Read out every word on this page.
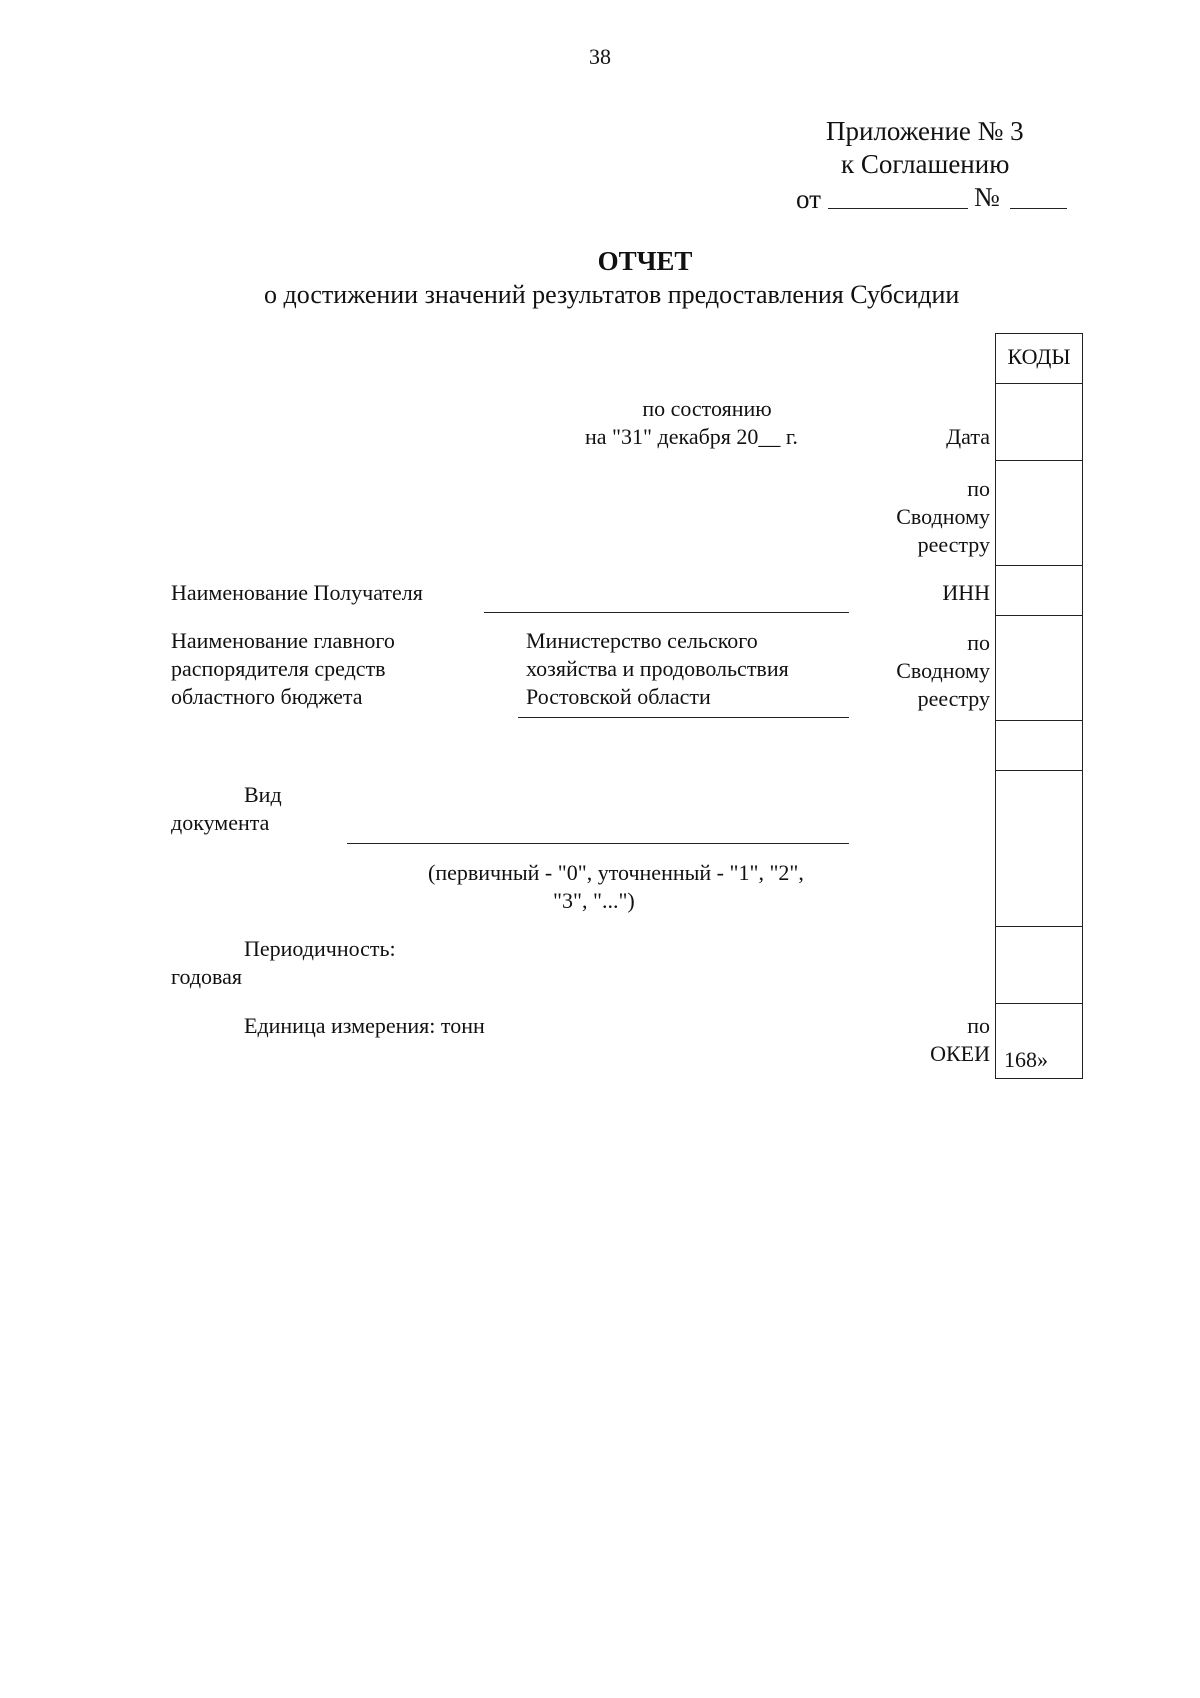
38
Приложение № 3
к Соглашению
от	№
ОТЧЕТ
о достижении значений результатов предоставления Субсидии
КОДЫ
168»
по состоянию
на "31" декабря 20__ г.	Дата
по
Сводному
реестру
ИНН
по
Сводному
реестру
по
ОКЕИ
Наименование Получателя
Наименование главного
распорядителя средств
областного бюджета
Министерство сельского
хозяйства и продовольствия
Ростовской области
Вид
документа
(первичный - "0", уточненный - "1", "2",
"3", "...")
Периодичность:
годовая
Единица измерения: тонн
